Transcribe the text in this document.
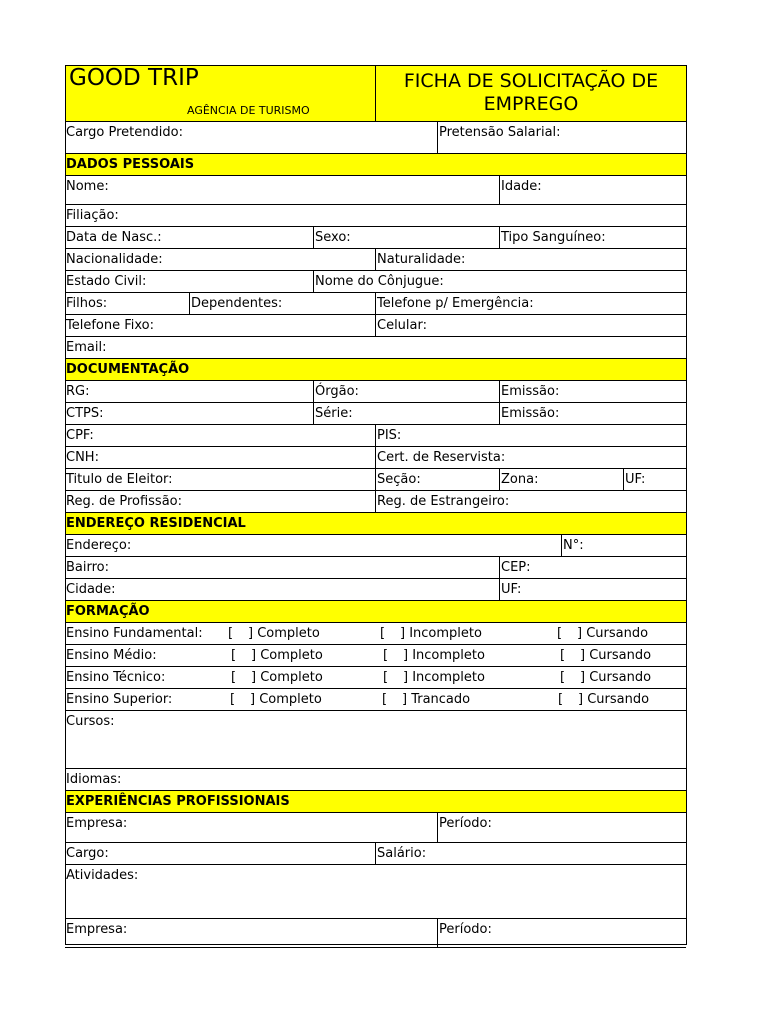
GOOD TRIP
AGÊNCIA DE TURISMO
FICHA DE SOLICITAÇÃO DE
EMPREGO
Cargo Pretendido:	Pretensão Salarial:
DADOS PESSOAIS
Nome:	Idade:
Filiação:
Data de Nasc.:	Sexo:	Tipo Sanguíneo:
Nacionalidade:	Naturalidade:
Estado Civil:	Nome do Cônjugue:
Filhos:	Dependentes:	Telefone p/ Emergência:
Telefone Fixo:	Celular:
Email:
DOCUMENTAÇÃO
RG:	Órgão:	Emissão:
CTPS:	Série:	Emissão:
CPF:	PIS:
CNH:	Cert. de Reservista:
Titulo de Eleitor:	Seção:	Zona:	UF:
Reg. de Profissão:	Reg. de Estrangeiro:
ENDEREÇO RESIDENCIAL
Endereço:	N°:
Bairro:	CEP:
Cidade:	UF:
FORMAÇÃO
Ensino Fundamental: [ ] Completo	[ ] Incompleto	[ ] Cursando
Ensino Médio:	[ ] Completo	[ ] Incompleto	[ ] Cursando
Ensino Técnico:	[ ] Completo	[ ] Incompleto	[ ] Cursando
Ensino Superior:	[ ] Completo	[ ] Trancado	[ ] Cursando
Cursos:
Idiomas:
EXPERIÊNCIAS PROFISSIONAIS
Empresa:	Período:
Cargo:	Salário:
Atividades:
Empresa:	Período:
